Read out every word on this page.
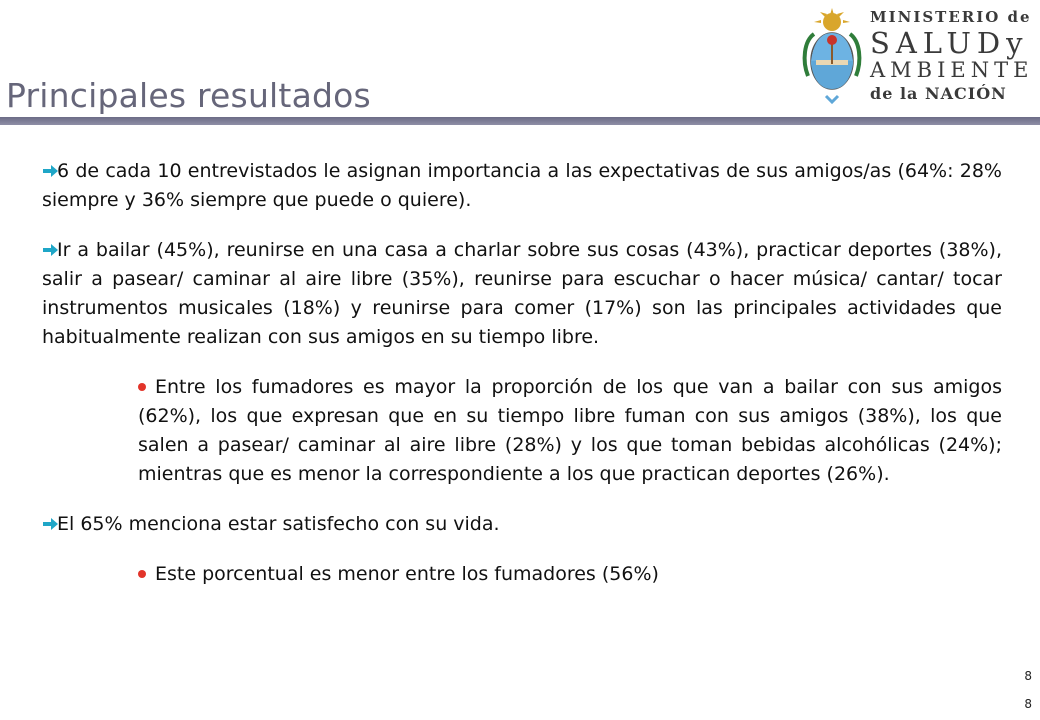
Principales resultados
MINISTERIO de
SALUDy
AMBIENTE
de la NACIÓN

6 de cada 10 entrevistados le asignan importancia a las expectativas de sus amigos/as (64%: 28% siempre y 36% siempre que puede o quiere).

Ir a bailar (45%), reunirse en una casa a charlar sobre sus cosas (43%), practicar deportes (38%), salir a pasear/ caminar al aire libre (35%), reunirse para escuchar o hacer música/ cantar/ tocar instrumentos musicales (18%) y reunirse para comer (17%) son las principales actividades que habitualmente realizan con sus amigos en su tiempo libre.

Entre los fumadores es mayor la proporción de los que van a bailar con sus amigos (62%), los que expresan que en su tiempo libre fuman con sus amigos (38%), los que salen a pasear/ caminar al aire libre (28%) y los que toman bebidas alcohólicas (24%); mientras que es menor la correspondiente a los que practican deportes (26%).

El 65% menciona estar satisfecho con su vida.

Este porcentual es menor entre los fumadores (56%)

8
8
